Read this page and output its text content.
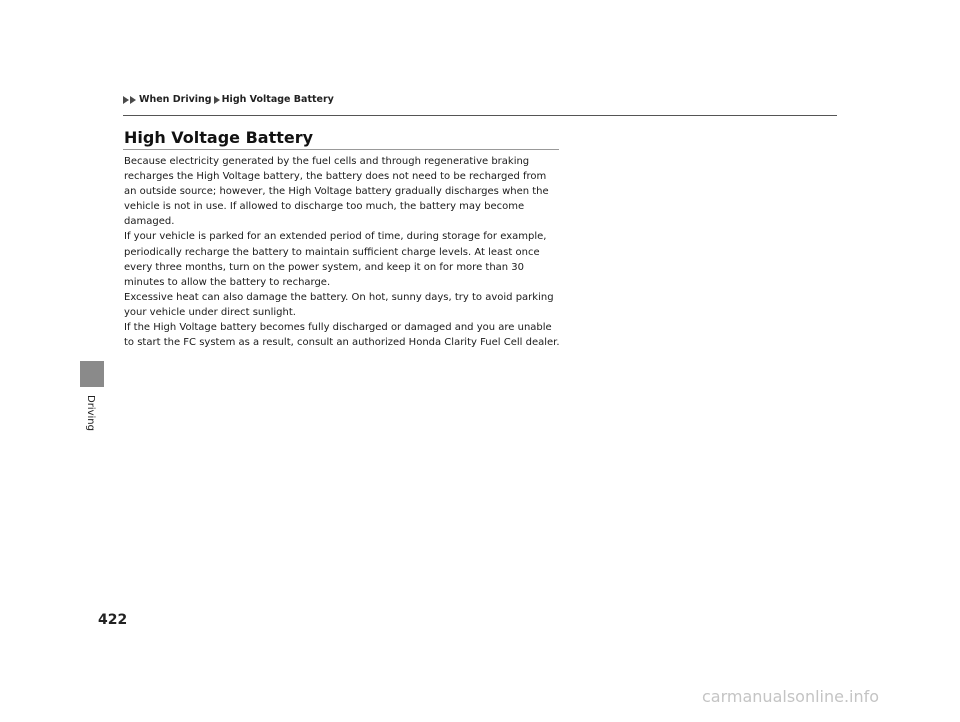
When Driving High Voltage Battery
Driving
High Voltage Battery

Because electricity generated by the fuel cells and through regenerative braking recharges the High Voltage battery, the battery does not need to be recharged from an outside source; however, the High Voltage battery gradually discharges when the vehicle is not in use. If allowed to discharge too much, the battery may become damaged.

If your vehicle is parked for an extended period of time, during storage for example, periodically recharge the battery to maintain sufficient charge levels. At least once every three months, turn on the power system, and keep it on for more than 30 minutes to allow the battery to recharge.

Excessive heat can also damage the battery. On hot, sunny days, try to avoid parking your vehicle under direct sunlight.

If the High Voltage battery becomes fully discharged or damaged and you are unable to start the FC system as a result, consult an authorized Honda Clarity Fuel Cell dealer.

422
carmanualsonline.info
